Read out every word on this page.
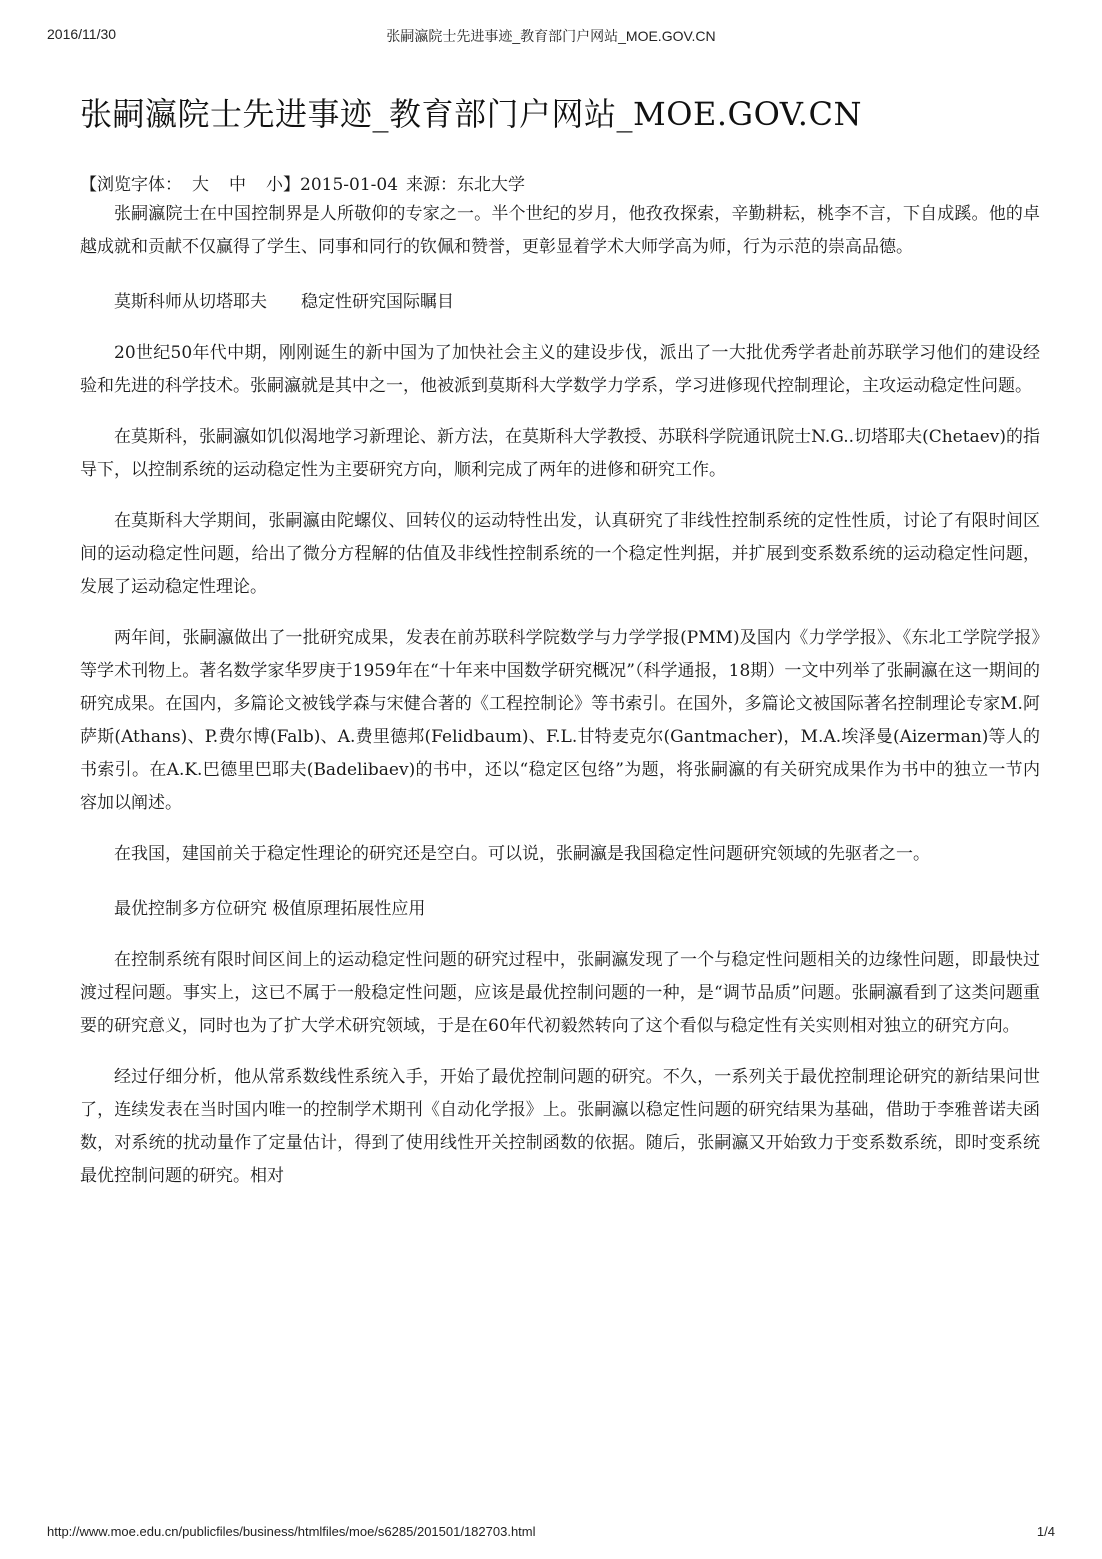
2016/11/30	张嗣瀛院士先进事迹_教育部门户网站_MOE.GOV.CN
张嗣瀛院士先进事迹_教育部门户网站_MOE.GOV.CN
【浏览字体： 大 中 小】2015-01-04 来源：东北大学

张嗣瀛院士在中国控制界是人所敬仰的专家之一。半个世纪的岁月，他孜孜探索，辛勤耕耘，桃李不言，下自成蹊。他的卓越成就和贡献不仅赢得了学生、同事和同行的钦佩和赞誉，更彰显着学术大师学高为师，行为示范的崇高品德。

莫斯科师从切塔耶夫　　稳定性研究国际瞩目

20世纪50年代中期，刚刚诞生的新中国为了加快社会主义的建设步伐，派出了一大批优秀学者赴前苏联学习他们的建设经验和先进的科学技术。张嗣瀛就是其中之一，他被派到莫斯科大学数学力学系，学习进修现代控制理论，主攻运动稳定性问题。

在莫斯科，张嗣瀛如饥似渴地学习新理论、新方法，在莫斯科大学教授、苏联科学院通讯院士N.G..切塔耶夫(Chetaev)的指导下，以控制系统的运动稳定性为主要研究方向，顺利完成了两年的进修和研究工作。

在莫斯科大学期间，张嗣瀛由陀螺仪、回转仪的运动特性出发，认真研究了非线性控制系统的定性性质，讨论了有限时间区间的运动稳定性问题，给出了微分方程解的估值及非线性控制系统的一个稳定性判据，并扩展到变系数系统的运动稳定性问题，发展了运动稳定性理论。

两年间，张嗣瀛做出了一批研究成果，发表在前苏联科学院数学与力学学报(PMM)及国内《力学学报》、《东北工学院学报》等学术刊物上。著名数学家华罗庚于1959年在“十年来中国数学研究概况”（科学通报，18期）一文中列举了张嗣瀛在这一期间的研究成果。在国内，多篇论文被钱学森与宋健合著的《工程控制论》等书索引。在国外，多篇论文被国际著名控制理论专家M.阿萨斯(Athans)、P.费尔博(Falb)、A.费里德邦(Felidbaum)、F.L.甘特麦克尔(Gantmacher)，M.A.埃泽曼(Aizerman)等人的书索引。在A.K.巴德里巴耶夫(Badelibaev)的书中，还以“稳定区包络”为题，将张嗣瀛的有关研究成果作为书中的独立一节内容加以阐述。

在我国，建国前关于稳定性理论的研究还是空白。可以说，张嗣瀛是我国稳定性问题研究领域的先驱者之一。

最优控制多方位研究 极值原理拓展性应用

在控制系统有限时间区间上的运动稳定性问题的研究过程中，张嗣瀛发现了一个与稳定性问题相关的边缘性问题，即最快过渡过程问题。事实上，这已不属于一般稳定性问题，应该是最优控制问题的一种，是“调节品质”问题。张嗣瀛看到了这类问题重要的研究意义，同时也为了扩大学术研究领域，于是在60年代初毅然转向了这个看似与稳定性有关实则相对独立的研究方向。

经过仔细分析，他从常系数线性系统入手，开始了最优控制问题的研究。不久，一系列关于最优控制理论研究的新结果问世了，连续发表在当时国内唯一的控制学术期刊《自动化学报》上。张嗣瀛以稳定性问题的研究结果为基础，借助于李雅普诺夫函数，对系统的扰动量作了定量估计，得到了使用线性开关控制函数的依据。随后，张嗣瀛又开始致力于变系数系统，即时变系统最优控制问题的研究。相对

http://www.moe.edu.cn/publicfiles/business/htmlfiles/moe/s6285/201501/182703.html	1/4
